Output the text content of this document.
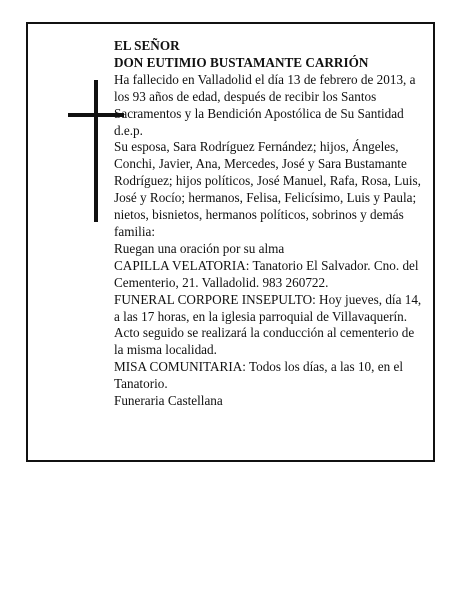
EL SEÑOR

DON EUTIMIO BUSTAMANTE CARRIÓN

Ha fallecido en Valladolid el día 13 de febrero de 2013, a los 93 años de edad, después de recibir los Santos Sacramentos y la Bendición Apostólica de Su Santidad

d.e.p.

Su esposa, Sara Rodríguez Fernández; hijos, Ángeles, Conchi, Javier, Ana, Mercedes, José y Sara Bustamante Rodríguez; hijos políticos, José Manuel, Rafa, Rosa, Luis, José y Rocío; hermanos, Felisa, Felicísimo, Luis y Paula; nietos, bisnietos, hermanos políticos, sobrinos y demás familia:

Ruegan una oración por su alma

CAPILLA VELATORIA: Tanatorio El Salvador. Cno. del Cementerio, 21. Valladolid. 983 260722.

FUNERAL CORPORE INSEPULTO: Hoy jueves, día 14, a las 17 horas, en la iglesia parroquial de Villavaquerín. Acto seguido se realizará la conducción al cementerio de la misma localidad.

MISA COMUNITARIA: Todos los días, a las 10, en el Tanatorio.

Funeraria Castellana
